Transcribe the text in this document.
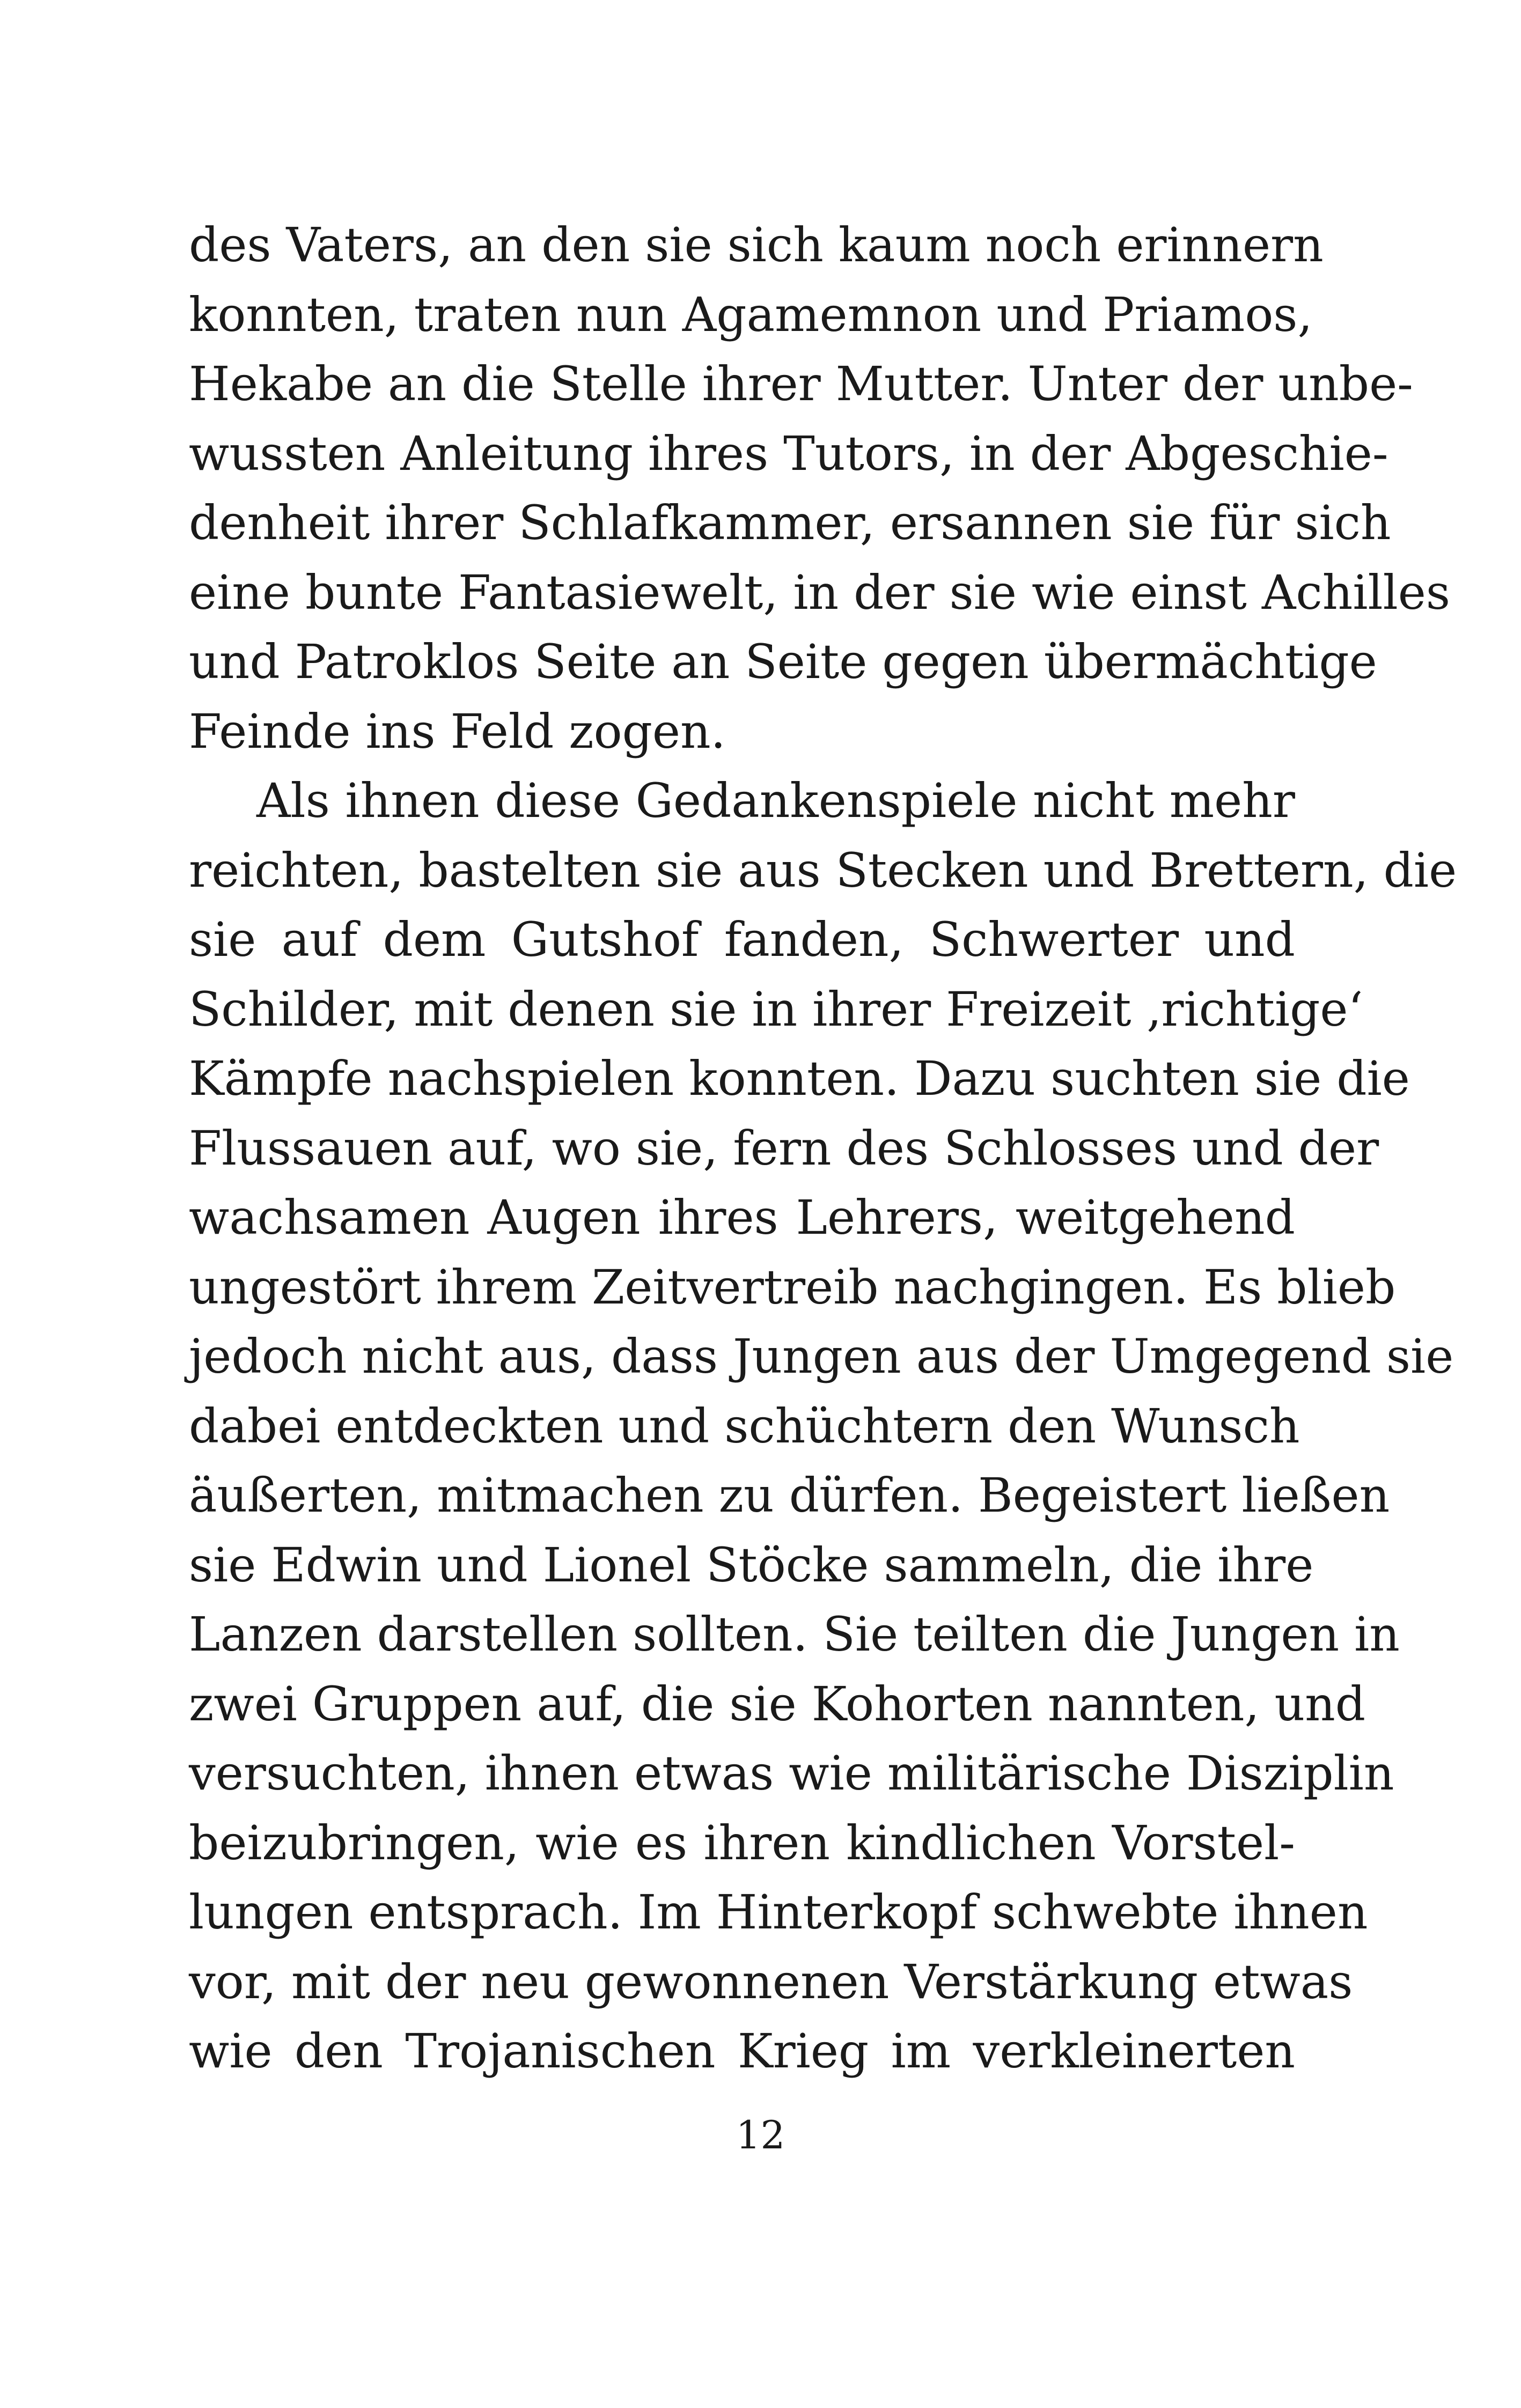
des Vaters, an den sie sich kaum noch erinnern
konnten, traten nun Agamemnon und Priamos,
Hekabe an die Stelle ihrer Mutter. Unter der unbe-
wussten Anleitung ihres Tutors, in der Abgeschie-
denheit ihrer Schlafkammer, ersannen sie für sich
eine bunte Fantasiewelt, in der sie wie einst Achilles
und Patroklos Seite an Seite gegen übermächtige
Feinde ins Feld zogen.
Als ihnen diese Gedankenspiele nicht mehr
reichten, bastelten sie aus Stecken und Brettern, die
sie auf dem Gutshof fanden, Schwerter und
Schilder, mit denen sie in ihrer Freizeit ‚richtige‘
Kämpfe nachspielen konnten. Dazu suchten sie die
Flussauen auf, wo sie, fern des Schlosses und der
wachsamen Augen ihres Lehrers, weitgehend
ungestört ihrem Zeitvertreib nachgingen. Es blieb
jedoch nicht aus, dass Jungen aus der Umgegend sie
dabei entdeckten und schüchtern den Wunsch
äußerten, mitmachen zu dürfen. Begeistert ließen
sie Edwin und Lionel Stöcke sammeln, die ihre
Lanzen darstellen sollten. Sie teilten die Jungen in
zwei Gruppen auf, die sie Kohorten nannten, und
versuchten, ihnen etwas wie militärische Disziplin
beizubringen, wie es ihren kindlichen Vorstel-
lungen entsprach. Im Hinterkopf schwebte ihnen
vor, mit der neu gewonnenen Verstärkung etwas
wie den Trojanischen Krieg im verkleinerten
12
